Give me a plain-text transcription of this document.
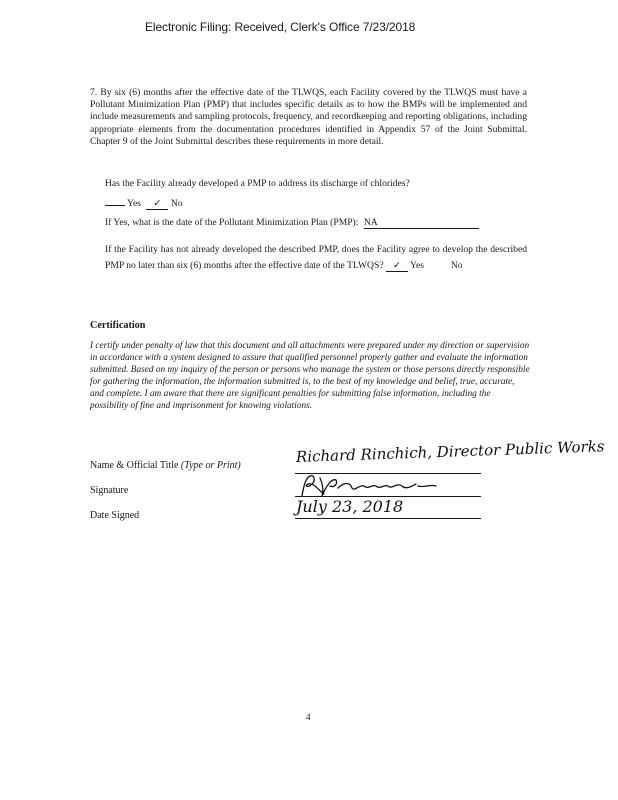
Electronic Filing: Received, Clerk's Office 7/23/2018

7. By six (6) months after the effective date of the TLWQS, each Facility covered by the TLWQS must have a Pollutant Minimization Plan (PMP) that includes specific details as to how the BMPs will be implemented and include measurements and sampling protocols, frequency, and recordkeeping and reporting obligations, including appropriate elements from the documentation procedures identified in Appendix 57 of the Joint Submittal. Chapter 9 of the Joint Submittal describes these requirements in more detail.

Has the Facility already developed a PMP to address its discharge of chlorides?
Yes ✓ No
If Yes, what is the date of the Pollutant Minimization Plan (PMP): NA
If the Facility has not already developed the described PMP, does the Facility agree to develop the described PMP no later than six (6) months after the effective date of the TLWQS? ✓ Yes	No
Certification

I certify under penalty of law that this document and all attachments were prepared under my direction or supervision in accordance with a system designed to assure that qualified personnel properly gather and evaluate the information submitted. Based on my inquiry of the person or persons who manage the system or those persons directly responsible for gathering the information, the information submitted is, to the best of my knowledge and belief, true, accurate, and complete. I am aware that there are significant penalties for submitting false information, including the possibility of fine and imprisonment for knowing violations.

Name & Official Title (Type or Print)
Signature
Date Signed
Richard Rinchich, Director Public Works
July 23, 2018
4
